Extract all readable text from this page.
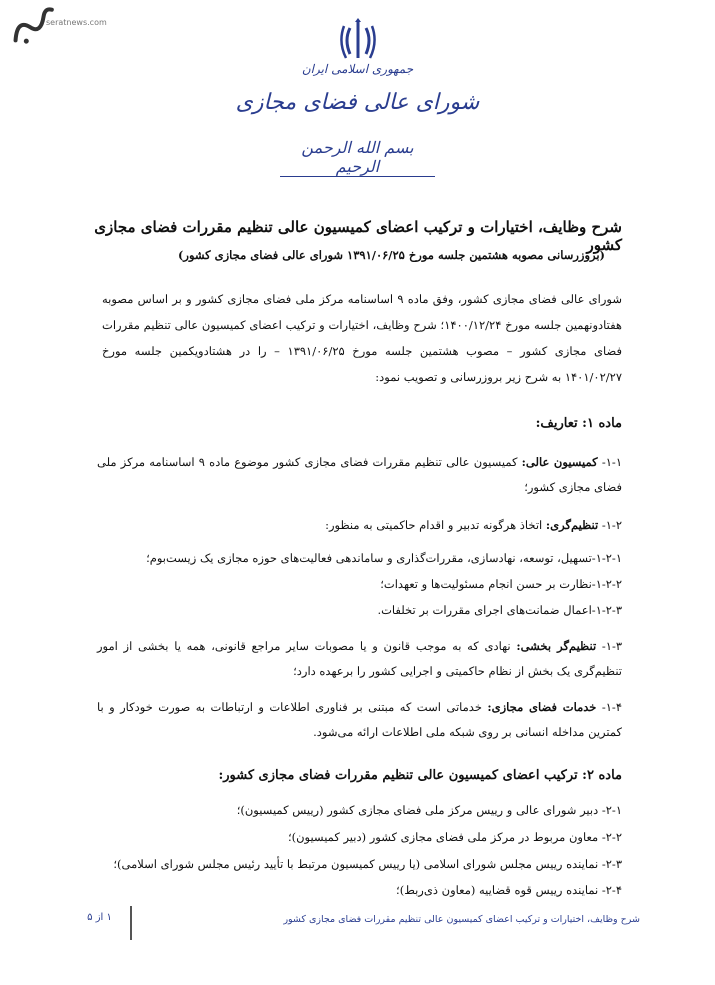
seratnews.com
جمهوری اسلامی ایران
شورای عالی فضای مجازی
بسم الله الرحمن الرحیم
شرح وظایف، اختیارات و ترکیب اعضای کمیسیون عالی تنظیم مقررات فضای مجازی کشور
(بروزرسانی مصوبه هشتمین جلسه مورخ ۱۳۹۱/۰۶/۲۵ شورای عالی فضای مجازی کشور)
شورای عالی فضای مجازی کشور، وفق ماده ۹ اساسنامه مرکز ملی فضای مجازی کشور و بر اساس مصوبه هفتادونهمین جلسه مورخ ۱۴۰۰/۱۲/۲۴؛ شرح وظایف، اختیارات و ترکیب اعضای کمیسیون عالی تنظیم مقررات فضای مجازی کشور – مصوب هشتمین جلسه مورخ ۱۳۹۱/۰۶/۲۵ – را در هشتادویکمین جلسه مورخ ۱۴۰۱/۰۲/۲۷ به شرح زیر بروزرسانی و تصویب نمود:
ماده ۱: تعاریف:
۱-۱- کمیسیون عالی: کمیسیون عالی تنظیم مقررات فضای مجازی کشور موضوع ماده ۹ اساسنامه مرکز ملی فضای مجازی کشور؛
۱-۲- تنظیم‌گری: اتخاذ هرگونه تدبیر و اقدام حاکمیتی به منظور:
۱-۲-۱-تسهیل، توسعه، نهادسازی، مقررات‌گذاری و ساماندهی فعالیت‌های حوزه مجازی یک زیست‌بوم؛
۱-۲-۲-نظارت بر حسن انجام مسئولیت‌ها و تعهدات؛
۱-۲-۳-اعمال ضمانت‌های اجرای مقررات بر تخلفات.
۱-۳- تنظیم‌گر بخشی: نهادی که به موجب قانون و یا مصوبات سایر مراجع قانونی، همه یا بخشی از امور تنظیم‌گری یک بخش از نظام حاکمیتی و اجرایی کشور را برعهده دارد؛
۱-۴- خدمات فضای مجازی: خدماتی است که مبتنی بر فناوری اطلاعات و ارتباطات به صورت خودکار و با کمترین مداخله انسانی بر روی شبکه ملی اطلاعات ارائه می‌شود.
ماده ۲: ترکیب اعضای کمیسیون عالی تنظیم مقررات فضای مجازی کشور:
۲-۱- دبیر شورای عالی و رییس مرکز ملی فضای مجازی کشور (رییس کمیسیون)؛
۲-۲- معاون مربوط در مرکز ملی فضای مجازی کشور (دبیر کمیسیون)؛
۲-۳- نماینده رییس مجلس شورای اسلامی (یا رییس کمیسیون مرتبط با تأیید رئیس مجلس شورای اسلامی)؛
۲-۴- نماینده رییس قوه قضاییه (معاون ذی‌ربط)؛
شرح وظایف، اختیارات و ترکیب اعضای کمیسیون عالی تنظیم مقررات فضای مجازی کشور
۱ از ۵
